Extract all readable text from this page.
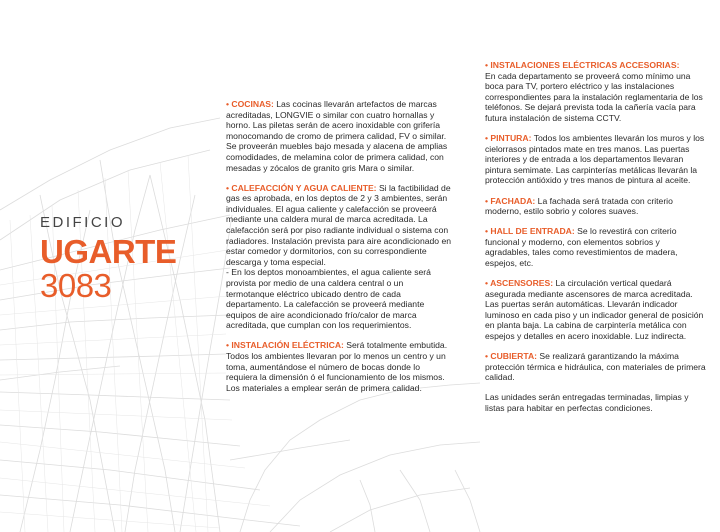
EDIFICIO
UGARTE
3083

• COCINAS: Las cocinas llevarán artefactos de marcas acreditadas, LONGVIE o similar con cuatro hornallas y horno. Las piletas serán de acero inoxidable con grifería monocomando de cromo de primera calidad, FV o similar. Se proveerán muebles bajo mesada y alacena de amplias comodidades, de melamina color de primera calidad, con mesadas y zócalos de granito gris Mara o similar.

• CALEFACCIÓN Y AGUA CALIENTE: Si la factibilidad de gas es aprobada, en los deptos de 2 y 3 ambientes, serán individuales. El agua caliente y calefacción se proveerá mediante una caldera mural de marca acreditada. La calefacción será por piso radiante individual o sistema con radiadores. Instalación prevista para aire acondicionado en estar comedor y dormitorios, con su correspondiente descarga y toma especial.

- En los deptos monoambientes, el agua caliente será provista por medio de una caldera central o un termotanque eléctrico ubicado dentro de cada departamento. La calefacción se proveerá mediante equipos de aire acondicionado frío/calor de marca acreditada, que cumplan con los requerimientos.

• INSTALACIÓN ELÉCTRICA: Será totalmente embutida. Todos los ambientes llevaran por lo menos un centro y un toma, aumentándose el número de bocas donde lo requiera la dimensión ó el funcionamiento de los mismos. Los materiales a emplear serán de primera calidad.

• INSTALACIONES ELÉCTRICAS ACCESORIAS:

En cada departamento se proveerá como mínimo una boca para TV, portero eléctrico y las instalaciones correspondientes para la instalación reglamentaria de los teléfonos. Se dejará prevista toda la cañería vacía para futura instalación de sistema CCTV.

• PINTURA: Todos los ambientes llevarán los muros y los cielorrasos pintados mate en tres manos. Las puertas interiores y de entrada a los departamentos llevaran pintura semimate. Las carpinterías metálicas llevarán la protección antióxido y tres manos de pintura al aceite.

• FACHADA: La fachada será tratada con criterio moderno, estilo sobrio y colores suaves.

• HALL DE ENTRADA: Se lo revestirá con criterio funcional y moderno, con elementos sobrios y agradables, tales como revestimientos de madera, espejos, etc.

• ASCENSORES: La circulación vertical quedará asegurada mediante ascensores de marca acreditada. Las puertas serán automáticas. Llevarán indicador luminoso en cada piso y un indicador general de posición en planta baja. La cabina de carpintería metálica con espejos y detalles en acero inoxidable. Luz indirecta.

• CUBIERTA: Se realizará garantizando la máxima protección térmica e hidráulica, con materiales de primera calidad.

Las unidades serán entregadas terminadas, limpias y listas para habitar en perfectas condiciones.
